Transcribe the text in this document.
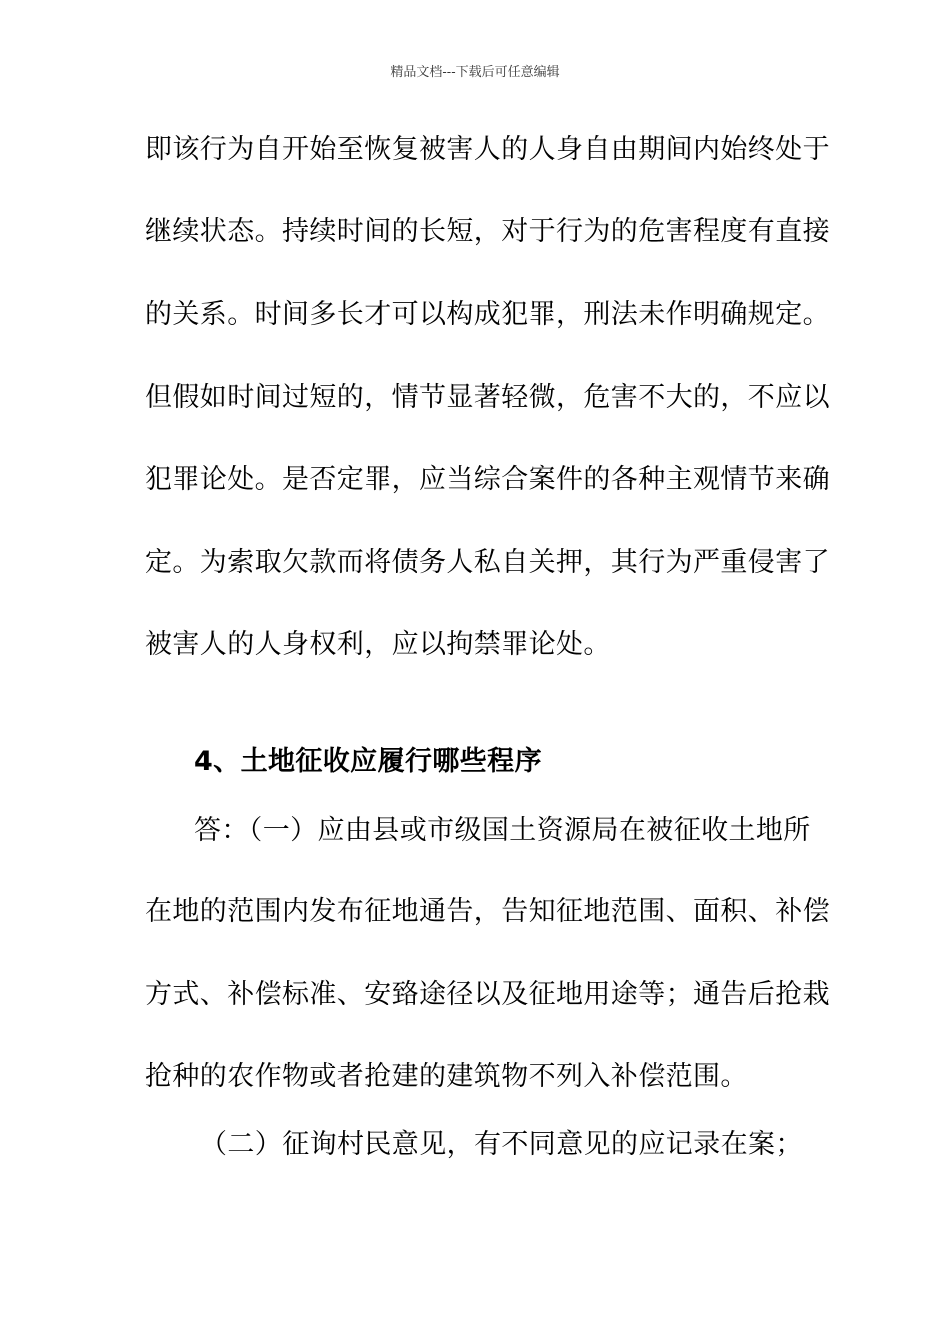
精品文档---下载后可任意编辑
即该行为自开始至恢复被害人的人身自由期间内始终处于
继续状态。持续时间的长短，对于行为的危害程度有直接
的关系。时间多长才可以构成犯罪，刑法未作明确规定。
但假如时间过短的，情节显著轻微，危害不大的，不应以
犯罪论处。是否定罪，应当综合案件的各种主观情节来确
定。为索取欠款而将债务人私自关押，其行为严重侵害了
被害人的人身权利，应以拘禁罪论处。
4、土地征收应履行哪些程序
答：（一）应由县或市级国土资源局在被征收土地所
在地的范围内发布征地通告，告知征地范围、面积、补偿
方式、补偿标准、安臵途径以及征地用途等；通告后抢栽
抢种的农作物或者抢建的建筑物不列入补偿范围。
（二）征询村民意见，有不同意见的应记录在案；
